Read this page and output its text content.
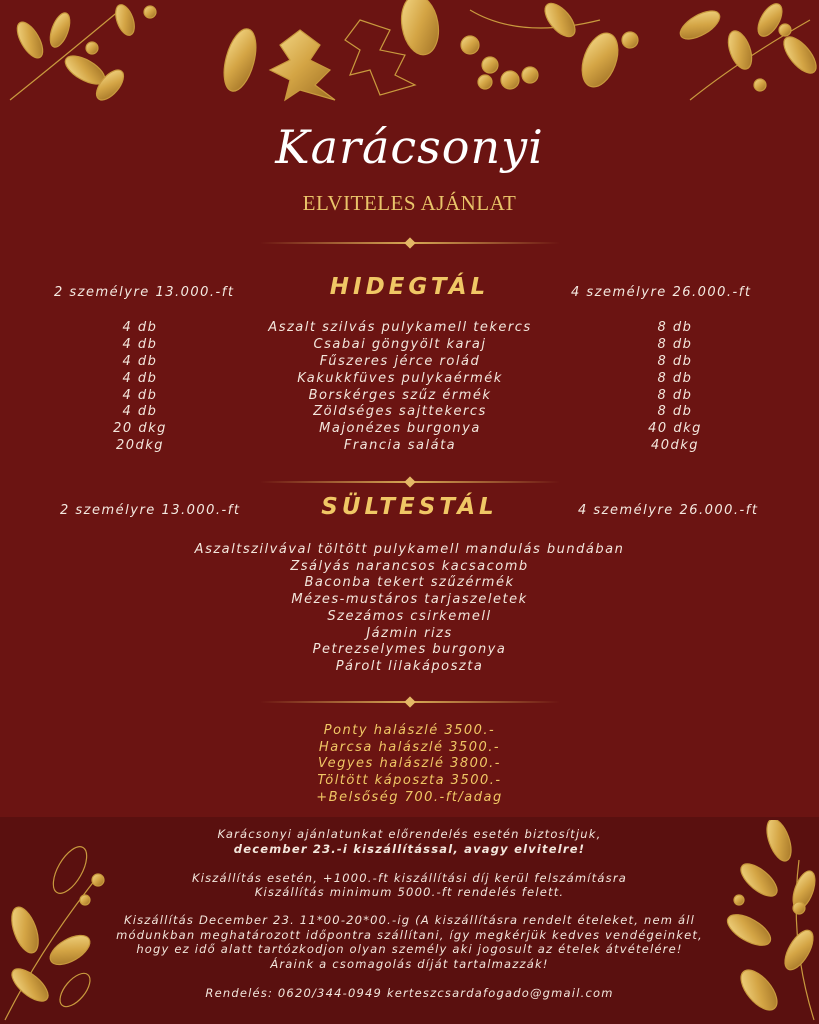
Karácsonyi
ELVITELES AJÁNLAT
2 személyre 13.000.-ft	HIDEGTÁL	4 személyre 26.000.-ft
4 db	Aszalt szilvás pulykamell tekercs	8 db
4 db	Csabai göngyölt karaj	8 db
4 db	Fűszeres jérce rolád	8 db
4 db	Kakukkfüves pulykaérmék	8 db
4 db	Borskérges szűz érmék	8 db
4 db	Zöldséges sajttekercs	8 db
20 dkg	Majonézes burgonya	40 dkg
20dkg	Francia saláta	40dkg
2 személyre 13.000.-ft	SÜLTESTÁL	4 személyre 26.000.-ft
Aszaltszilvával töltött pulykamell mandulás bundában
Zsályás narancsos kacsacomb
Baconba tekert szűzérmék
Mézes-mustáros tarjaszeletek
Szezámos csirkemell
Jázmin rizs
Petrezselymes burgonya
Párolt lilakáposzta
Ponty halászlé 3500.-
Harcsa halászlé 3500.-
Vegyes halászlé 3800.-
Töltött káposzta 3500.-
+Belsőség 700.-ft/adag
Karácsonyi ajánlatunkat előrendelés esetén biztosítjuk,
december 23.-i kiszállítással, avagy elvitelre!
Kiszállítás esetén, +1000.-ft kiszállítási díj kerül felszámításra
Kiszállítás minimum 5000.-ft rendelés felett.
Kiszállítás December 23. 11*00-20*00.-ig (A kiszállításra rendelt ételeket, nem áll
módunkban meghatározott időpontra szállítani, így megkérjük kedves vendégeinket,
hogy ez idő alatt tartózkodjon olyan személy aki jogosult az ételek átvételére!
Áraink a csomagolás díját tartalmazzák!
Rendelés: 0620/344-0949 kerteszcsardafogado@gmail.com
